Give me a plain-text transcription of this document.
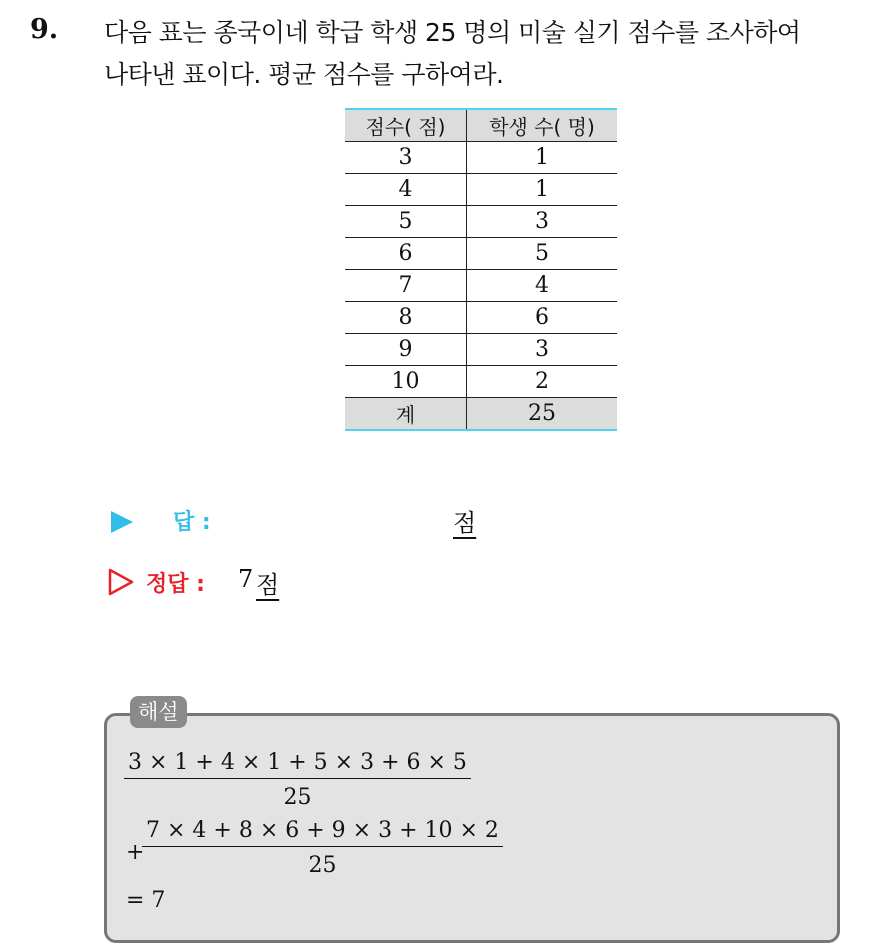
9. 다음 표는 종국이네 학급 학생 25 명의 미술 실기 점수를 조사하여
나타낸 표이다. 평균 점수를 구하여라.
점수( 점)	학생 수( 명)
3	1
4	1
5	3
6	5
7	4
8	6
9	3
10	2
계	25
답 :	점
정답 : 7 점
해설
$\frac{3 \times 1 + 4 \times 1 + 5 \times 3 + 6 \times 5}{25}$
+
$\frac{7 \times 4 + 8 \times 6 + 9 \times 3 + 10 \times 2}{25}$
= 7
